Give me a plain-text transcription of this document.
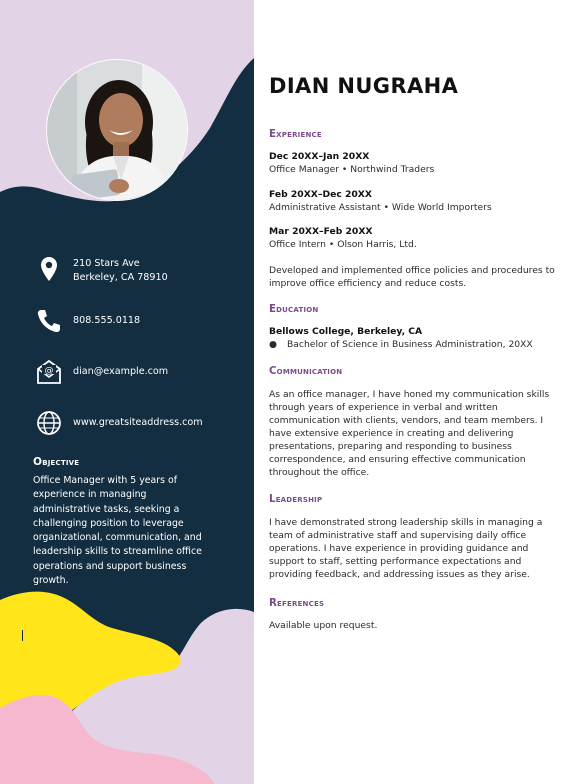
210 Stars Ave
Berkeley, CA 78910
808.555.0118
@ dian@example.com
www.greatsiteaddress.com
Objective
Office Manager with 5 years of experience in managing administrative tasks, seeking a challenging position to leverage organizational, communication, and leadership skills to streamline office operations and support business growth.
DIAN NUGRAHA
Experience
Dec 20XX–Jan 20XX
Office Manager • Northwind Traders
Feb 20XX–Dec 20XX
Administrative Assistant • Wide World Importers
Mar 20XX–Feb 20XX
Office Intern • Olson Harris, Ltd.
Developed and implemented office policies and procedures to improve office efficiency and reduce costs.
Education
Bellows College, Berkeley, CA
● Bachelor of Science in Business Administration, 20XX
Communication
As an office manager, I have honed my communication skills through years of experience in verbal and written communication with clients, vendors, and team members. I have extensive experience in creating and delivering presentations, preparing and responding to business correspondence, and ensuring effective communication throughout the office.
Leadership
I have demonstrated strong leadership skills in managing a team of administrative staff and supervising daily office operations. I have experience in providing guidance and support to staff, setting performance expectations and providing feedback, and addressing issues as they arise.
References
Available upon request.
